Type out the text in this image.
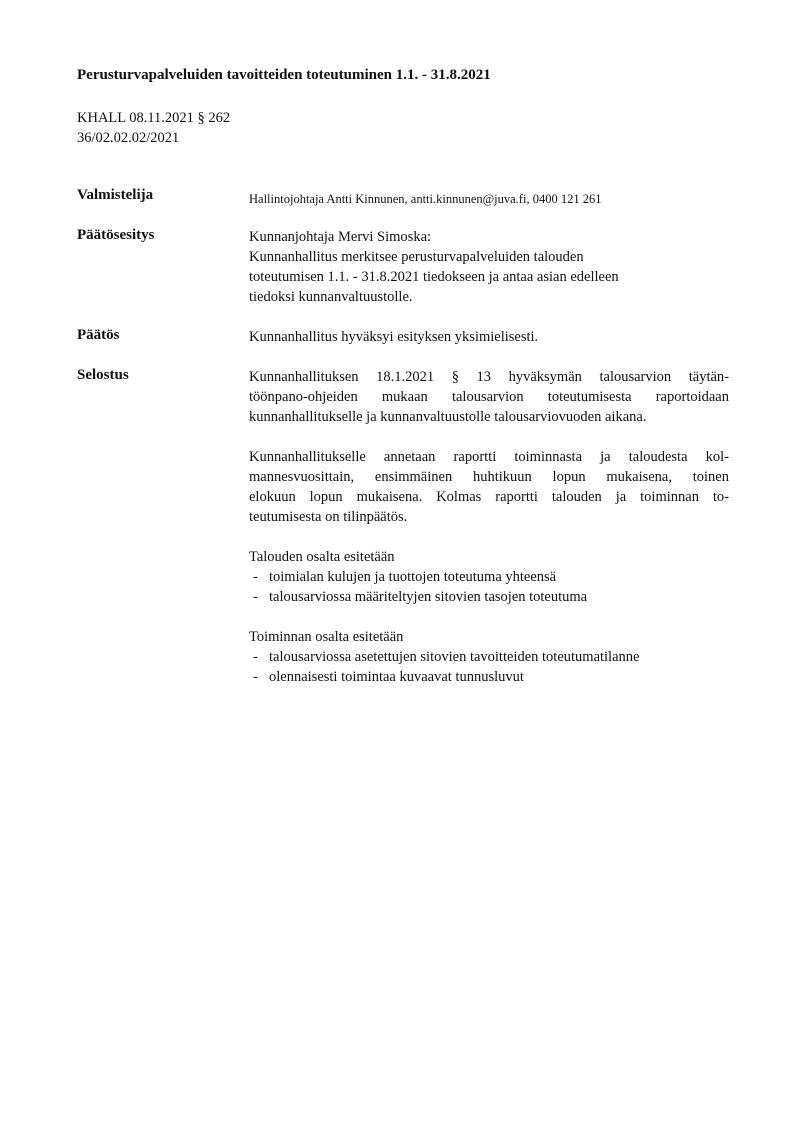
Perusturvapalveluiden tavoitteiden toteutuminen 1.1. - 31.8.2021
KHALL 08.11.2021 § 262
36/02.02.02/2021
Valmistelija	Hallintojohtaja Antti Kinnunen, antti.kinnunen@juva.fi, 0400 121 261
Päätösesitys	Kunnanjohtaja Mervi Simoska:
Kunnanhallitus merkitsee perusturvapalveluiden talouden
toteutumisen 1.1. - 31.8.2021 tiedokseen ja antaa asian edelleen
tiedoksi kunnanvaltuustolle.
Päätös	Kunnanhallitus hyväksyi esityksen yksimielisesti.
Selostus	Kunnanhallituksen 18.1.2021 § 13 hyväksymän talousarvion täytän-
töönpano-ohjeiden mukaan talousarvion toteutumisesta raportoidaan
kunnanhallitukselle ja kunnanvaltuustolle talousarviovuoden aikana.
Kunnanhallitukselle annetaan raportti toiminnasta ja taloudesta kol-
mannesvuosittain, ensimmäinen huhtikuun lopun mukaisena, toinen
elokuun lopun mukaisena. Kolmas raportti talouden ja toiminnan to-
teutumisesta on tilinpäätös.
Talouden osalta esitetään
- toimialan kulujen ja tuottojen toteutuma yhteensä
- talousarviossa määriteltyjen sitovien tasojen toteutuma
Toiminnan osalta esitetään
- talousarviossa asetettujen sitovien tavoitteiden toteutumatilanne
- olennaisesti toimintaa kuvaavat tunnusluvut
